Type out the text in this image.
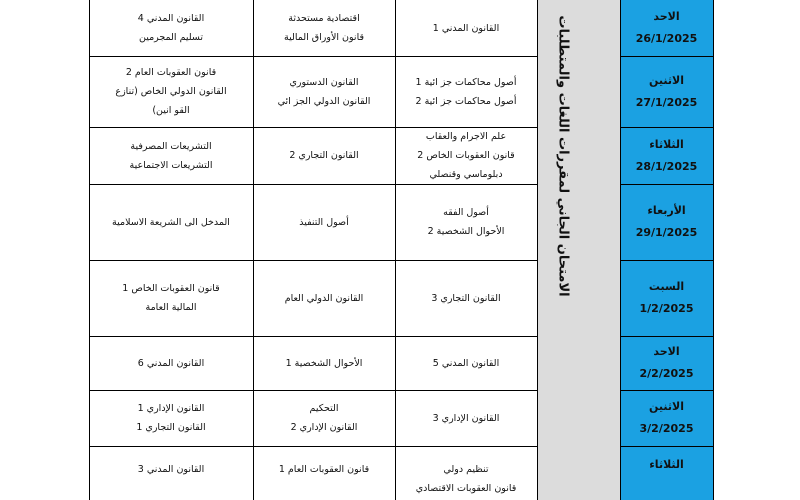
الامتحان الجاني لمقررات اللغات والمتطلبات	الاحد
26/1/2025
القانون المدني 1
اقتصادية مستحدثة
قانون الأوراق المالية
القانون المدني 4
تسليم المجرمين
الاثنين
27/1/2025
أصول محاكمات جز ائية 1
أصول محاكمات جز ائية 2
القانون الدستوري
القانون الدولي الجز ائي
قانون العقوبات العام 2
القانون الدولي الخاص (تنازع
القو انين)
الثلاثاء
28/1/2025
علم الاجرام والعقاب
قانون العقوبات الخاص 2
دبلوماسي وقنصلي
القانون التجاري 2
التشريعات المصرفية
التشريعات الاجتماعية
الأربعاء
29/1/2025
أصول الفقه
الأحوال الشخصية 2
أصول التنفيذ
المدخل الى الشريعة الاسلامية
السبت
1/2/2025
القانون التجاري 3
القانون الدولي العام
قانون العقوبات الخاص 1
المالية العامة
الاحد
2/2/2025
القانون المدني 5
الأحوال الشخصية 1
القانون المدني 6
الاثنين
3/2/2025
القانون الإداري 3
التحكيم
القانون الإداري 2
القانون الإداري 1
القانون التجاري 1
الثلاثاء
تنظيم دولي
قانون العقوبات الاقتصادي
قانون العقوبات العام 1
القانون المدني 3
